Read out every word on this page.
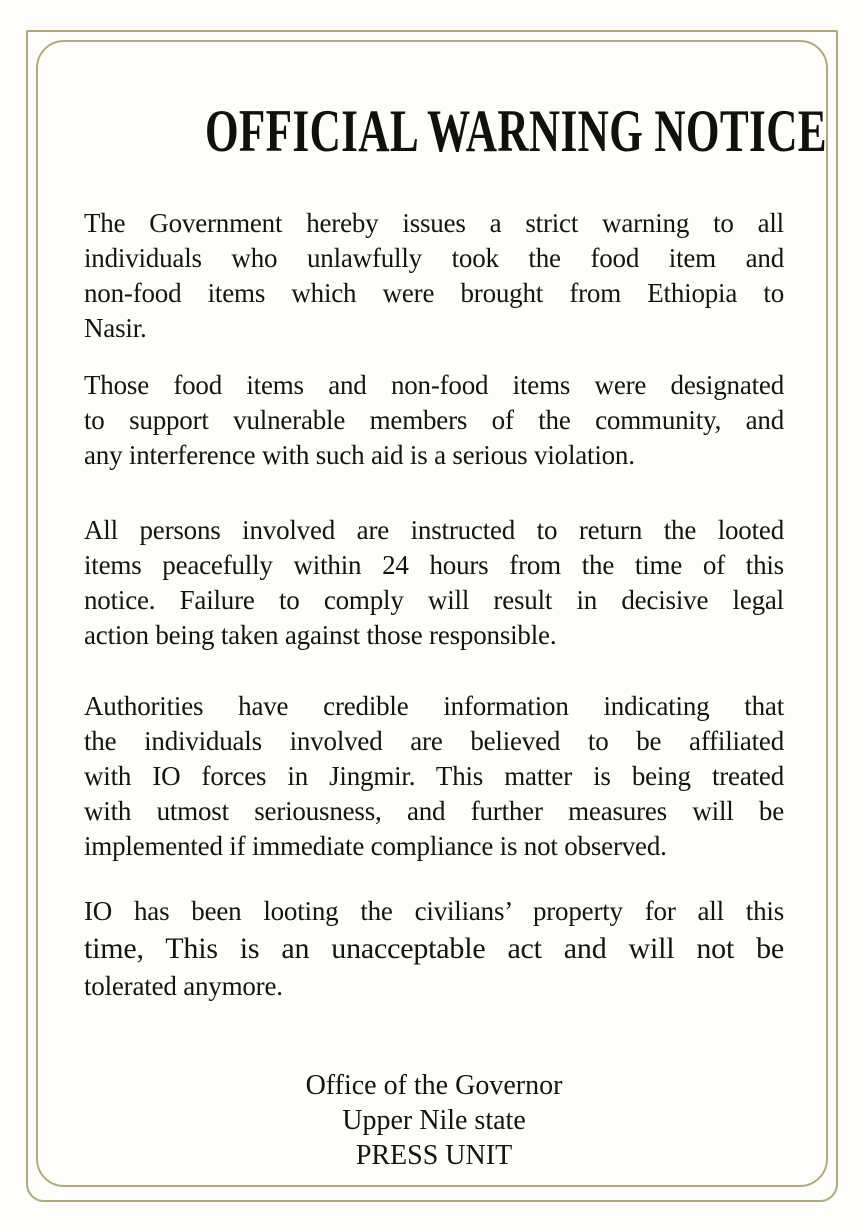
OFFICIAL WARNING NOTICE

The Government hereby issues a strict warning to all

individuals who unlawfully took the food item and

non-food items which were brought from Ethiopia to

Nasir.

Those food items and non-food items were designated

to support vulnerable members of the community, and

any interference with such aid is a serious violation.

All persons involved are instructed to return the looted

items peacefully within 24 hours from the time of this

notice. Failure to comply will result in decisive legal

action being taken against those responsible.

Authorities have credible information indicating that

the individuals involved are believed to be affiliated

with IO forces in Jingmir. This matter is being treated

with utmost seriousness, and further measures will be

implemented if immediate compliance is not observed.

IO has been looting the civilians’ property for all this

time, This is an unacceptable act and will not be

tolerated anymore.

Office of the Governor

Upper Nile state

PRESS UNIT
